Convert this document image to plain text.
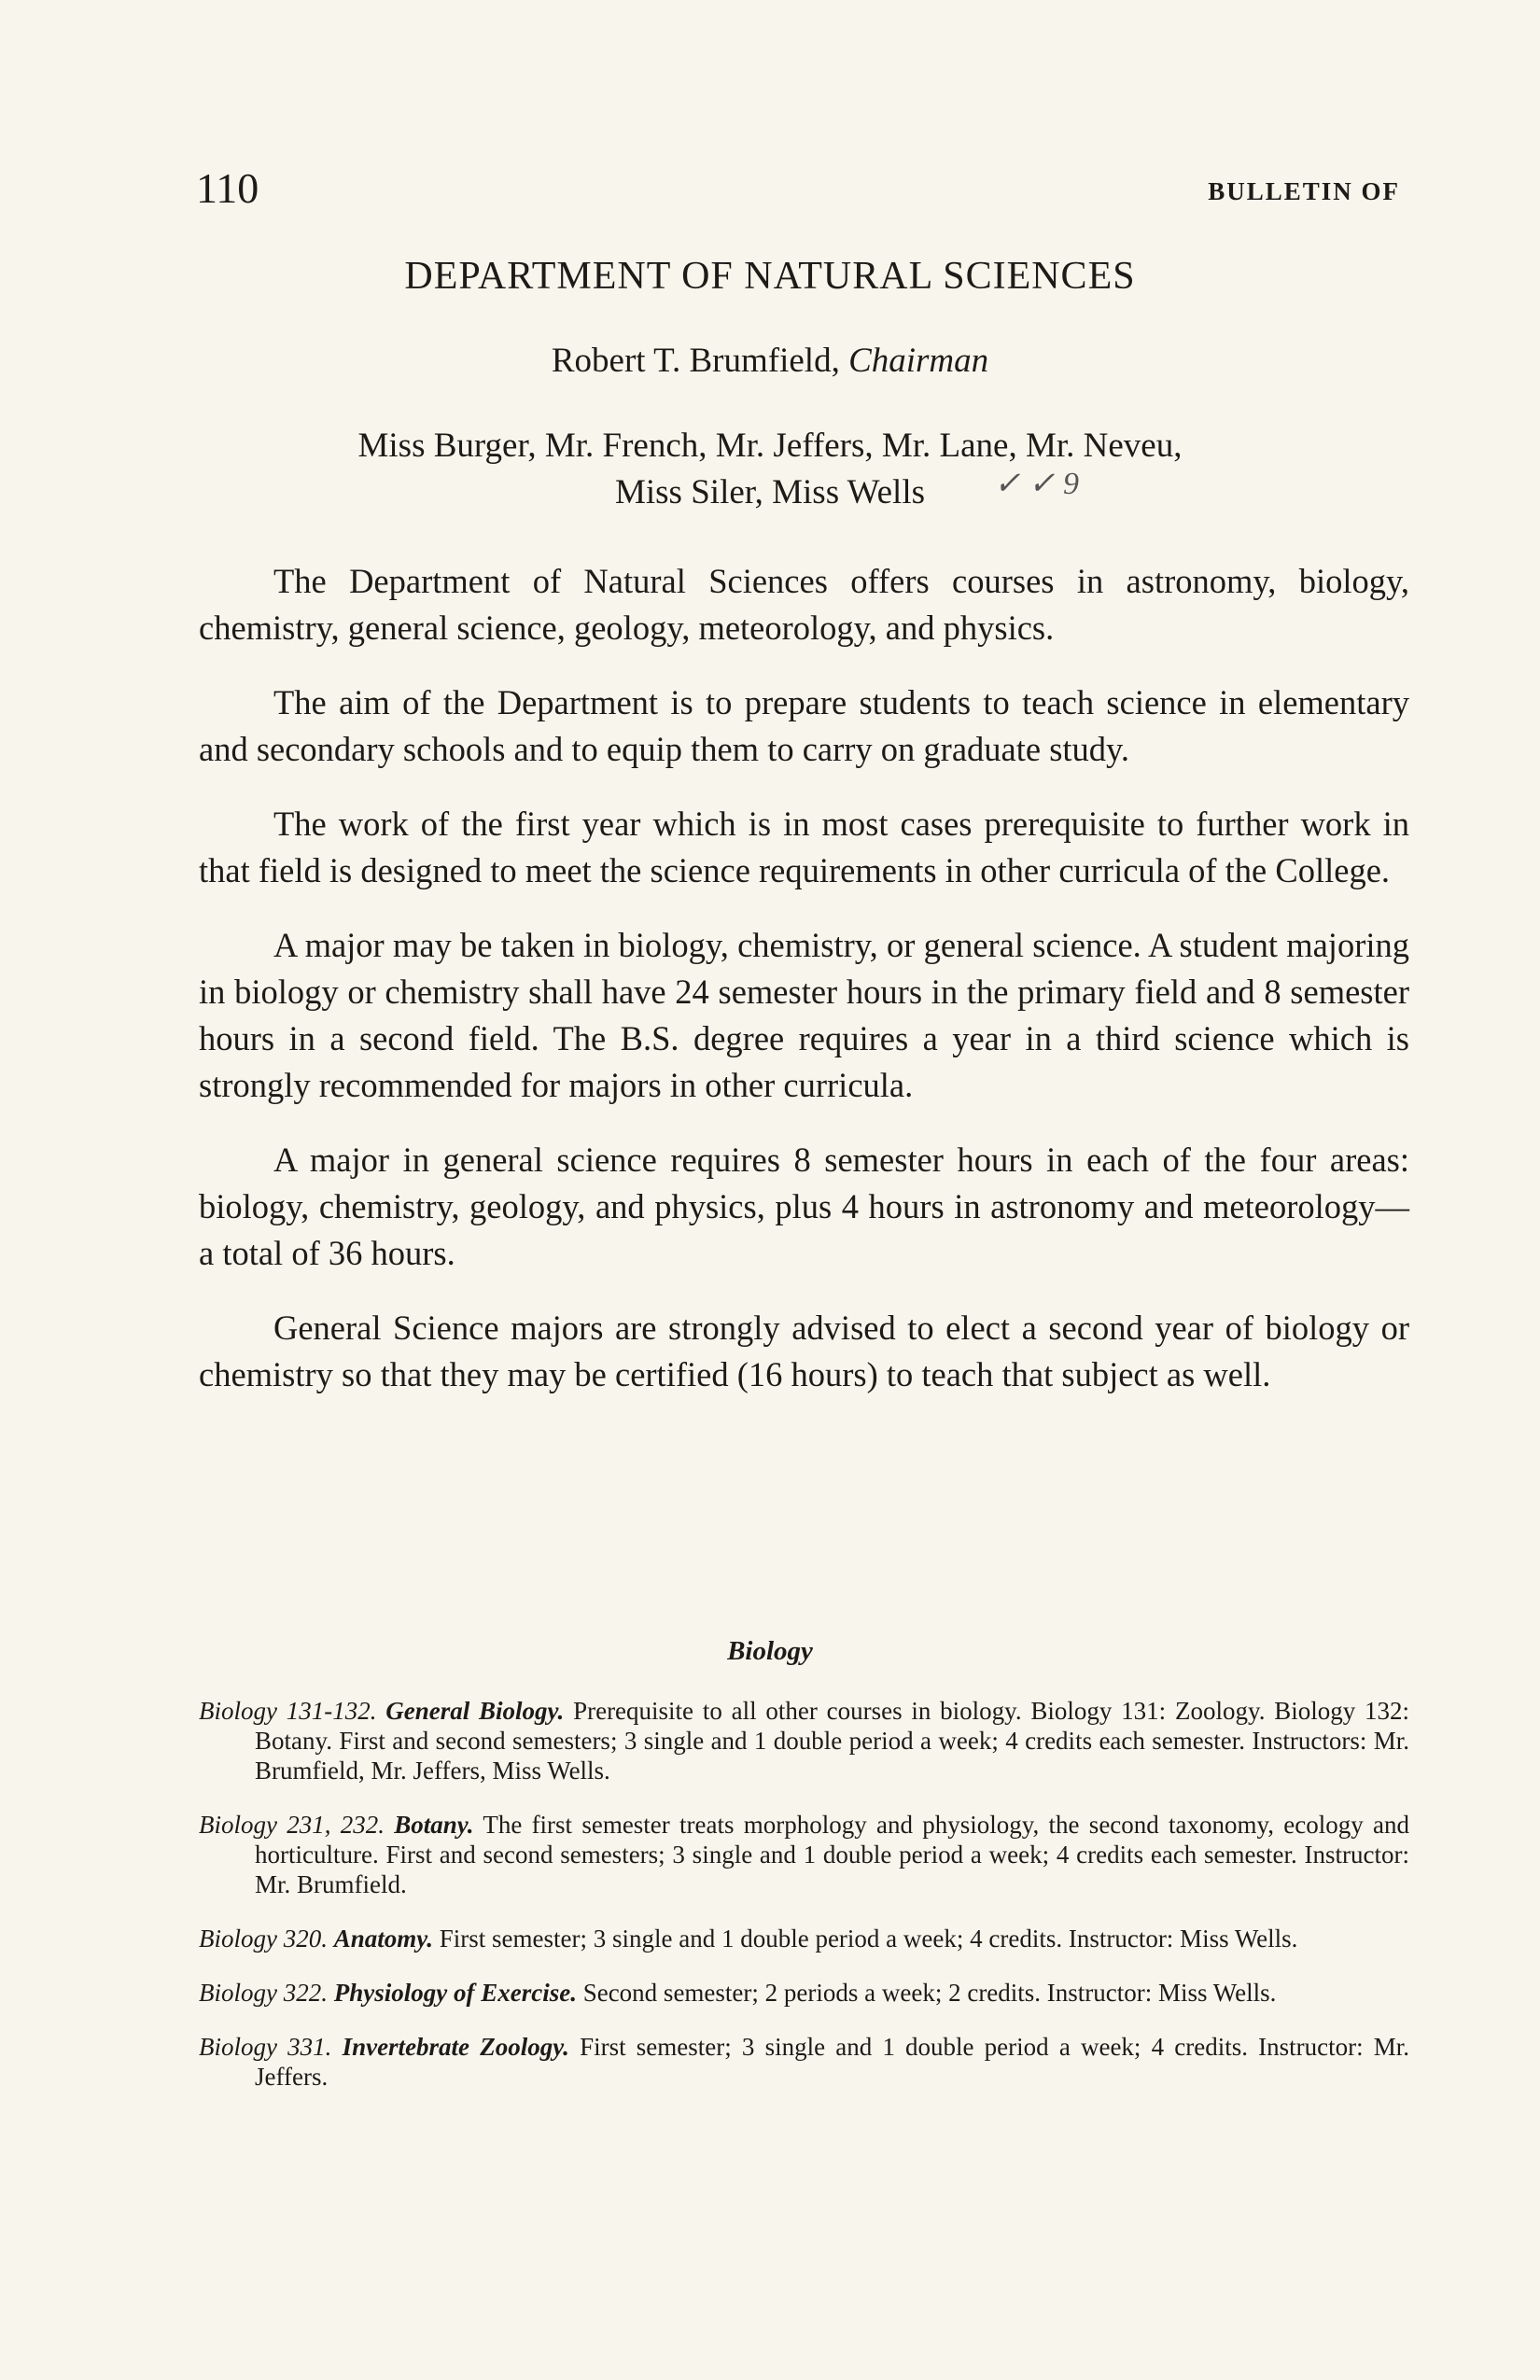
110	BULLETIN OF
DEPARTMENT OF NATURAL SCIENCES
Robert T. Brumfield, Chairman
Miss Burger, Mr. French, Mr. Jeffers, Mr. Lane, Mr. Neveu,
Miss Siler, Miss Wells	✓ ✓ 9

The Department of Natural Sciences offers courses in astronomy, biology, chemistry, general science, geology, meteorology, and physics.

The aim of the Department is to prepare students to teach science in elementary and secondary schools and to equip them to carry on graduate study.

The work of the first year which is in most cases prerequisite to further work in that field is designed to meet the science requirements in other curricula of the College.

A major may be taken in biology, chemistry, or general science. A student majoring in biology or chemistry shall have 24 semester hours in the primary field and 8 semester hours in a second field. The B.S. degree requires a year in a third science which is strongly recommended for majors in other curricula.

A major in general science requires 8 semester hours in each of the four areas: biology, chemistry, geology, and physics, plus 4 hours in astronomy and meteorology—a total of 36 hours.

General Science majors are strongly advised to elect a second year of biology or chemistry so that they may be certified (16 hours) to teach that subject as well.

Biology
Biology 131-132. General Biology. Prerequisite to all other courses in biology. Biology 131: Zoology. Biology 132: Botany. First and second semesters; 3 single and 1 double period a week; 4 credits each semester. Instructors: Mr. Brumfield, Mr. Jeffers, Miss Wells.
Biology 231, 232. Botany. The first semester treats morphology and physiology, the second taxonomy, ecology and horticulture. First and second semesters; 3 single and 1 double period a week; 4 credits each semester. Instructor: Mr. Brumfield.
Biology 320. Anatomy. First semester; 3 single and 1 double period a week; 4 credits. Instructor: Miss Wells.
Biology 322. Physiology of Exercise. Second semester; 2 periods a week; 2 credits. Instructor: Miss Wells.
Biology 331. Invertebrate Zoology. First semester; 3 single and 1 double period a week; 4 credits. Instructor: Mr. Jeffers.
